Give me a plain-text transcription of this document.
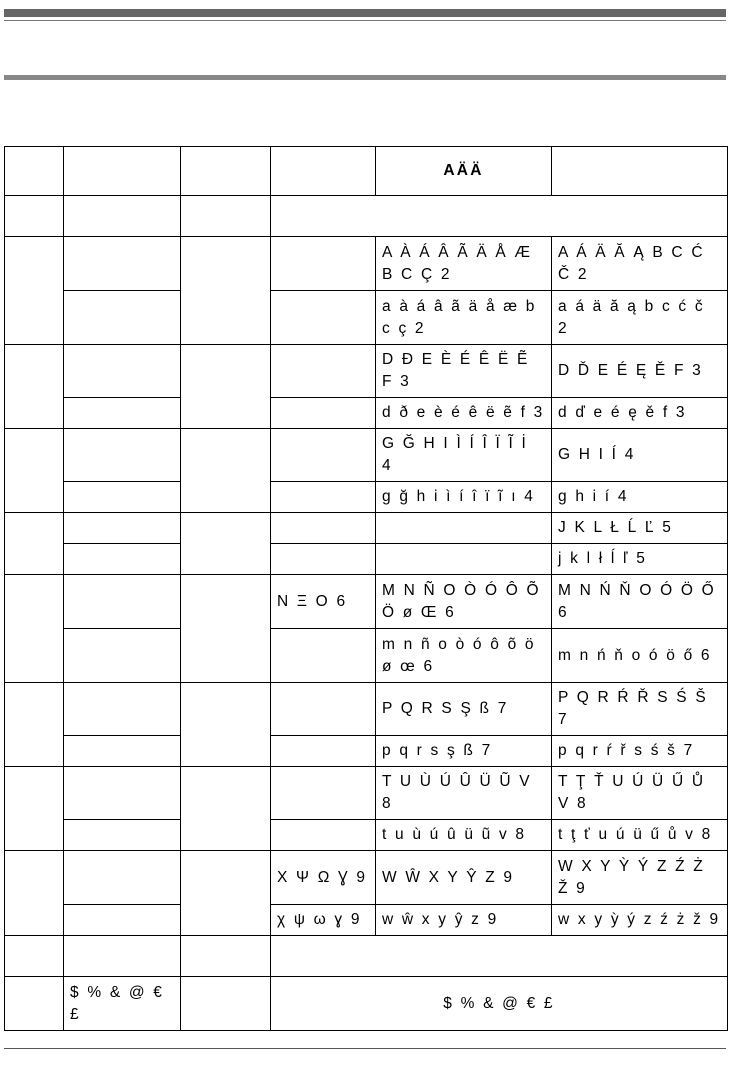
				AÄÄ	

				A À Á Â Ã Ä Å Æ B C Ç 2	A Á Ä Ă Ą B C Ć Č 2
				a à á â ã ä å æ b c ç 2	a á ä ă ą b c ć č 2
				D Ð E È É Ê Ë Ẽ F 3	D Ď E É Ę Ě F 3
				d ð e è é ê ë ẽ f 3	d ď e é ę ě f 3
				G Ğ H I Ì Í Î Ï Ĩ İ 4	G H I Í 4
				g ğ h i ì í î ï ĩ ı 4	g h i í 4
					J K L Ł Ĺ Ľ 5
					j k l ł ĺ ľ 5
			N Ξ O 6	M N Ñ O Ò Ó Ô Õ Ö ø Œ 6	M N Ń Ň O Ó Ö Ő 6
				m n ñ o ò ó ô õ ö ø œ 6	m n ń ň o ó ö ő 6
				P Q R S Ş ß 7	P Q R Ŕ Ř S Ś Š 7
				p q r s ş ß 7	p q r ŕ ř s ś š 7
				T U Ù Ú Û Ü Ũ V 8	T Ţ Ť U Ú Ü Ű Ů V 8
				t u ù ú û ü ũ v 8	t ţ ť u ú ü ű ů v 8
			X Ψ Ω Ɣ 9	W Ŵ X Y Ŷ Z 9	W X Y Ỳ Ý Z Ź Ż Ž 9
			χ ψ ω ɣ 9	w ŵ x y ŷ z 9	w x y ỳ ý z ź ż ž 9

	$ % & @ € £		$ % & @ € £		
